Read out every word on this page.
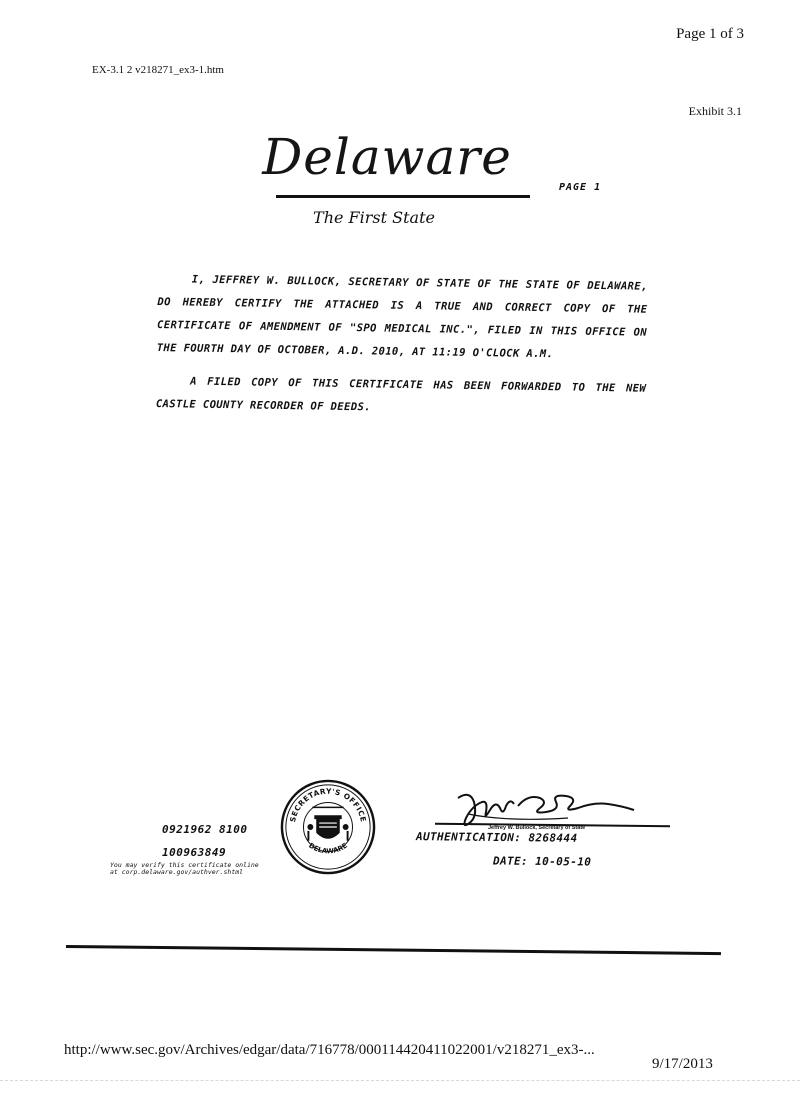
Page 1 of 3
EX-3.1 2 v218271_ex3-1.htm
Exhibit 3.1
Delaware
PAGE 1
The First State

I, JEFFREY W. BULLOCK, SECRETARY OF STATE OF THE STATE OF DELAWARE, DO HEREBY CERTIFY THE ATTACHED IS A TRUE AND CORRECT COPY OF THE CERTIFICATE OF AMENDMENT OF "SPO MEDICAL INC.", FILED IN THIS OFFICE ON THE FOURTH DAY OF OCTOBER, A.D. 2010, AT 11:19 O'CLOCK A.M.

A FILED COPY OF THIS CERTIFICATE HAS BEEN FORWARDED TO THE NEW CASTLE COUNTY RECORDER OF DEEDS.

0921962 8100
100963849
You may verify this certificate online
at corp.delaware.gov/authver.shtml
SECRETARY'S OFFICE
DELAWARE
Jeffrey W. Bullock, Secretary of State
AUTHENTICATION: 8268444
DATE: 10-05-10
http://www.sec.gov/Archives/edgar/data/716778/000114420411022001/v218271_ex3-...
9/17/2013
